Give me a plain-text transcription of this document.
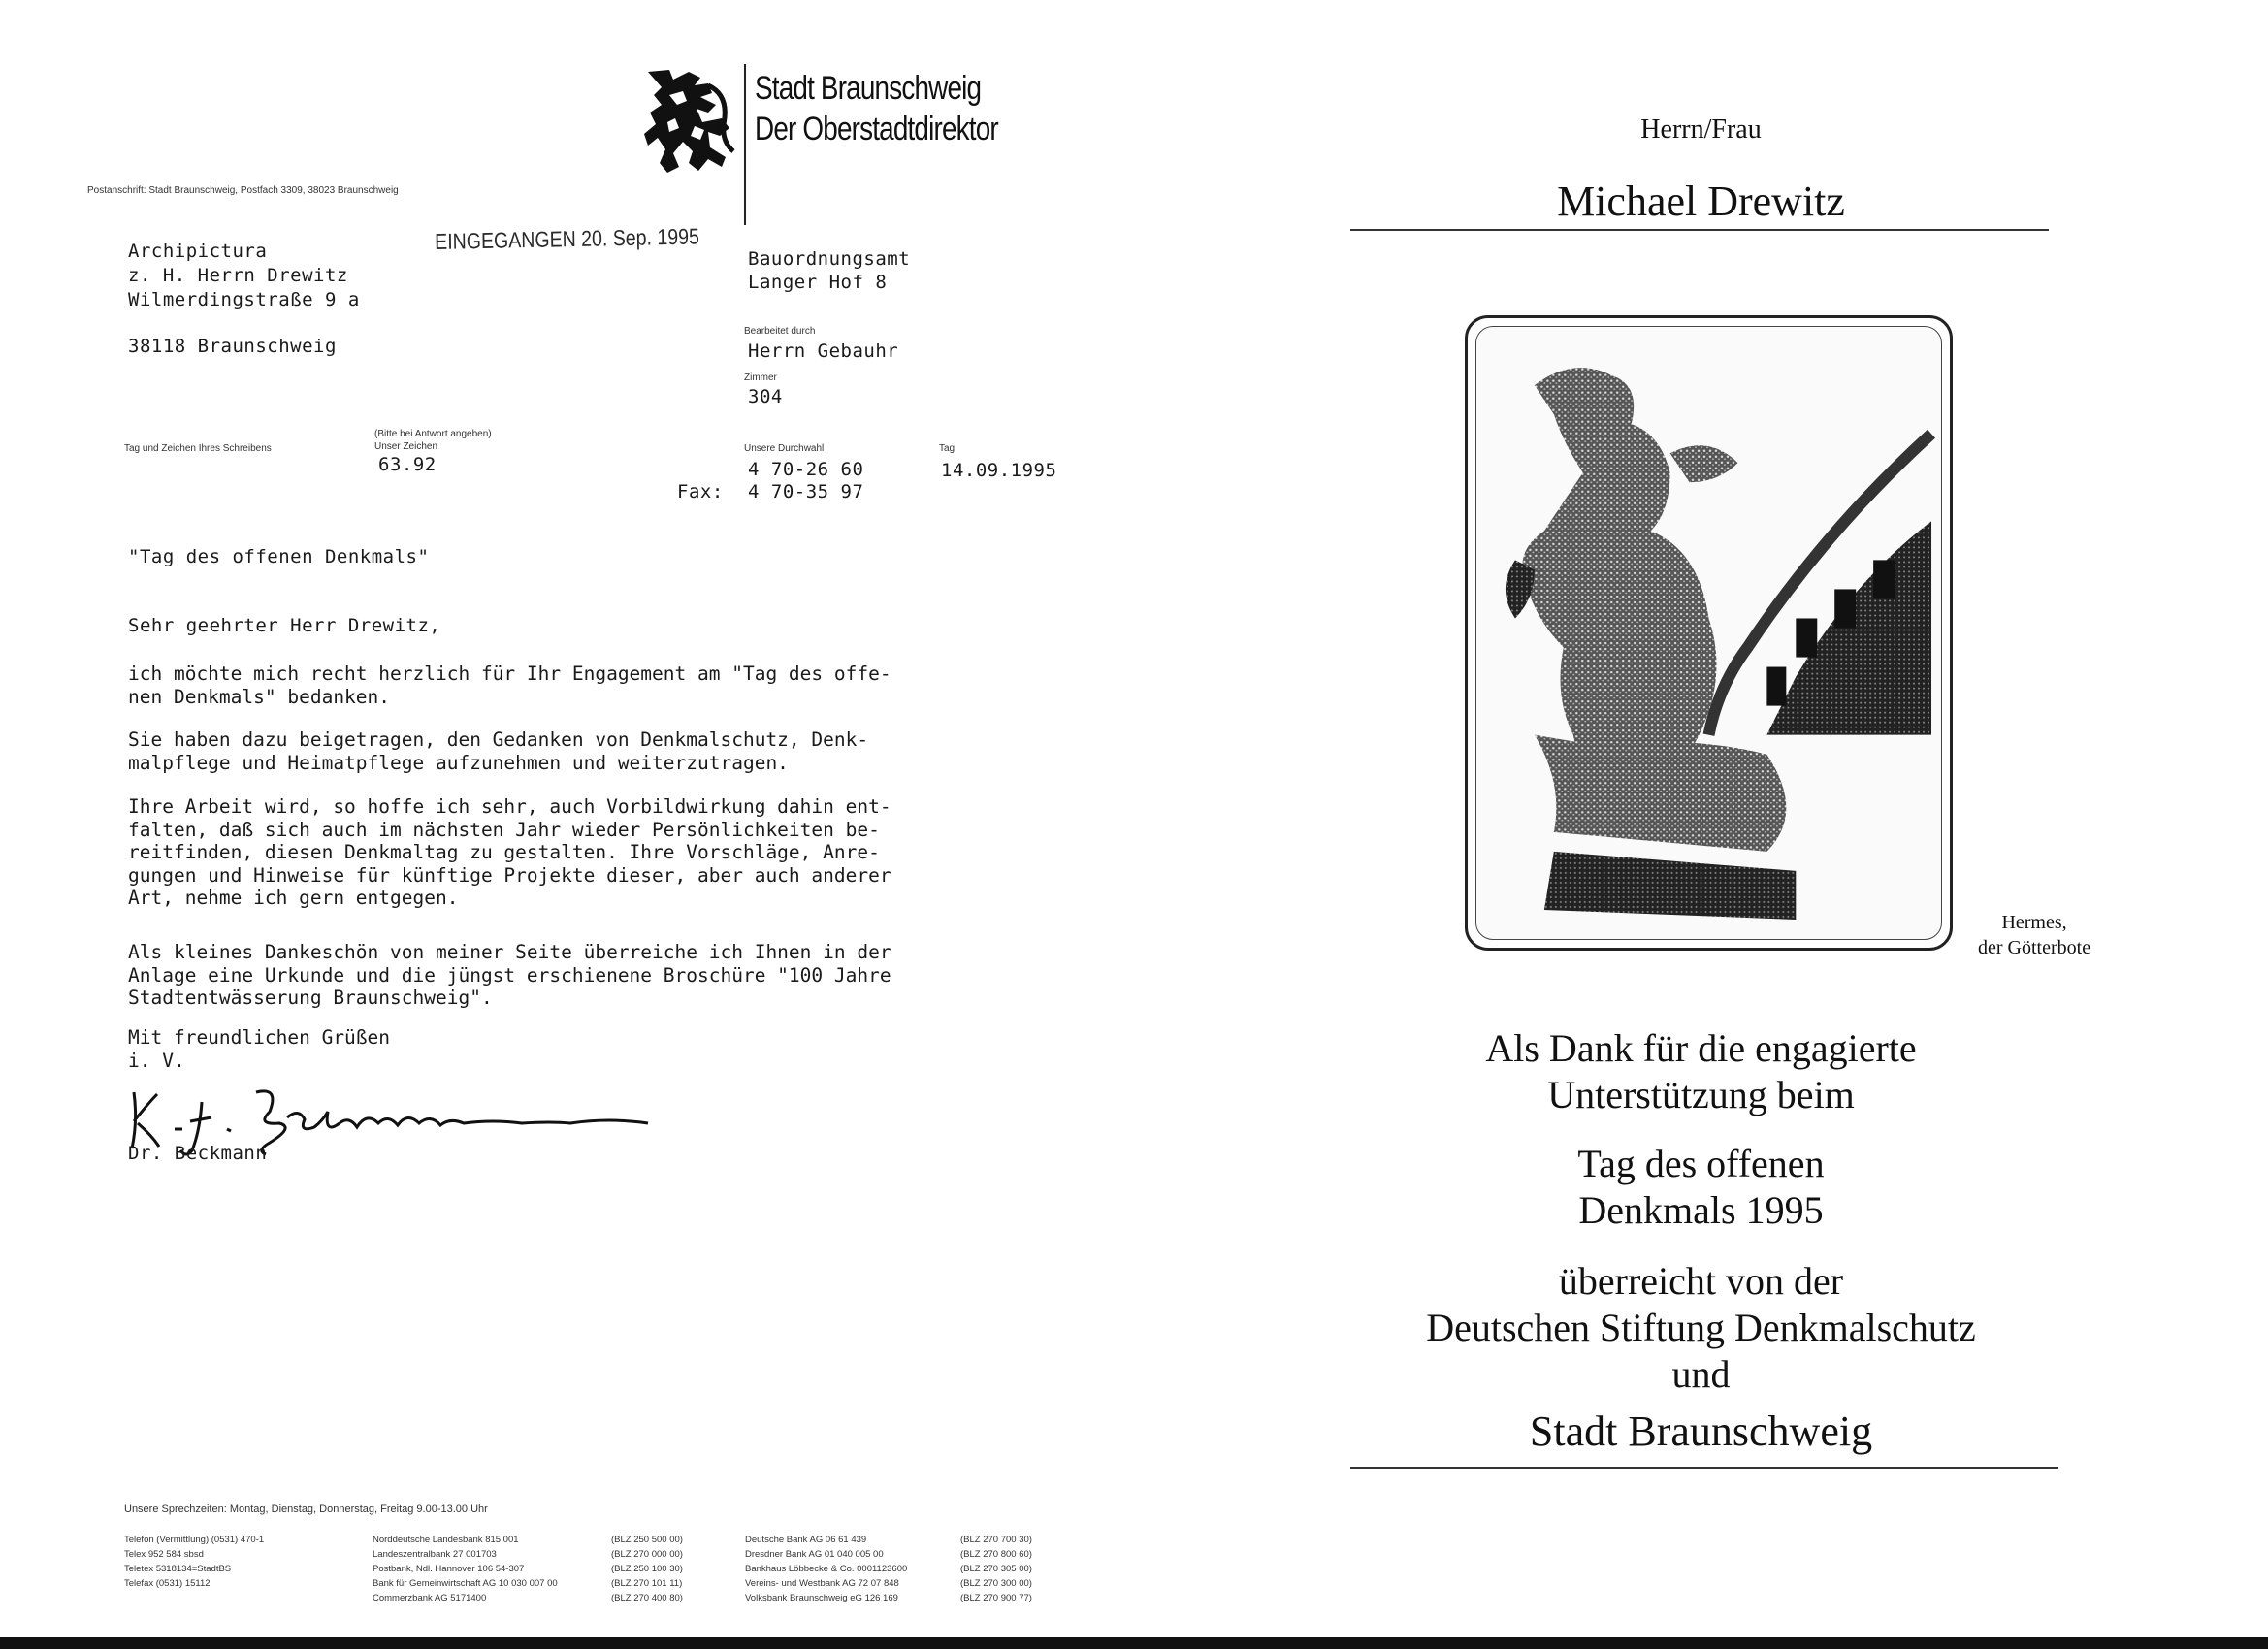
Stadt Braunschweig
Der Oberstadtdirektor
Postanschrift: Stadt Braunschweig, Postfach 3309, 38023 Braunschweig
Archipictura
z. H. Herrn Drewitz
Wilmerdingstraße 9 a
38118 Braunschweig
EINGEGANGEN 20. Sep. 1995
Bauordnungsamt
Langer Hof 8
Bearbeitet durch
Herrn Gebauhr
Zimmer
304
Tag und Zeichen Ihres Schreibens
(Bitte bei Antwort angeben)
Unser Zeichen
63.92
Unsere Durchwahl
4 70-26 60
Fax: 4 70-35 97
Tag
14.09.1995
"Tag des offenen Denkmals"
Sehr geehrter Herr Drewitz,
ich möchte mich recht herzlich für Ihr Engagement am "Tag des offe-
nen Denkmals" bedanken.
Sie haben dazu beigetragen, den Gedanken von Denkmalschutz, Denk-
malpflege und Heimatpflege aufzunehmen und weiterzutragen.
Ihre Arbeit wird, so hoffe ich sehr, auch Vorbildwirkung dahin ent-
falten, daß sich auch im nächsten Jahr wieder Persönlichkeiten be-
reitfinden, diesen Denkmaltag zu gestalten. Ihre Vorschläge, Anre-
gungen und Hinweise für künftige Projekte dieser, aber auch anderer
Art, nehme ich gern entgegen.
Als kleines Dankeschön von meiner Seite überreiche ich Ihnen in der
Anlage eine Urkunde und die jüngst erschienene Broschüre "100 Jahre
Stadtentwässerung Braunschweig".
Mit freundlichen Grüßen
i. V.
Dr. Beckmann
Unsere Sprechzeiten: Montag, Dienstag, Donnerstag, Freitag 9.00-13.00 Uhr
Telefon (Vermittlung) (0531) 470-1
Telex 952 584 sbsd
Teletex 5318134=StadtBS
Telefax (0531) 15112
Norddeutsche Landesbank 815 001
Landeszentralbank 27 001703
Postbank, Ndl. Hannover 106 54-307
Bank für Gemeinwirtschaft AG 10 030 007 00
Commerzbank AG 5171400
(BLZ 250 500 00)
(BLZ 270 000 00)
(BLZ 250 100 30)
(BLZ 270 101 11)
(BLZ 270 400 80)
Deutsche Bank AG 06 61 439
Dresdner Bank AG 01 040 005 00
Bankhaus Löbbecke & Co. 0001123600
Vereins- und Westbank AG 72 07 848
Volksbank Braunschweig eG 126 169
(BLZ 270 700 30)
(BLZ 270 800 60)
(BLZ 270 305 00)
(BLZ 270 300 00)
(BLZ 270 900 77)
Herrn/Frau
Michael Drewitz
Hermes,
der Götterbote
Als Dank für die engagierte
Unterstützung beim
Tag des offenen
Denkmals 1995
überreicht von der
Deutschen Stiftung Denkmalschutz
und
Stadt Braunschweig
